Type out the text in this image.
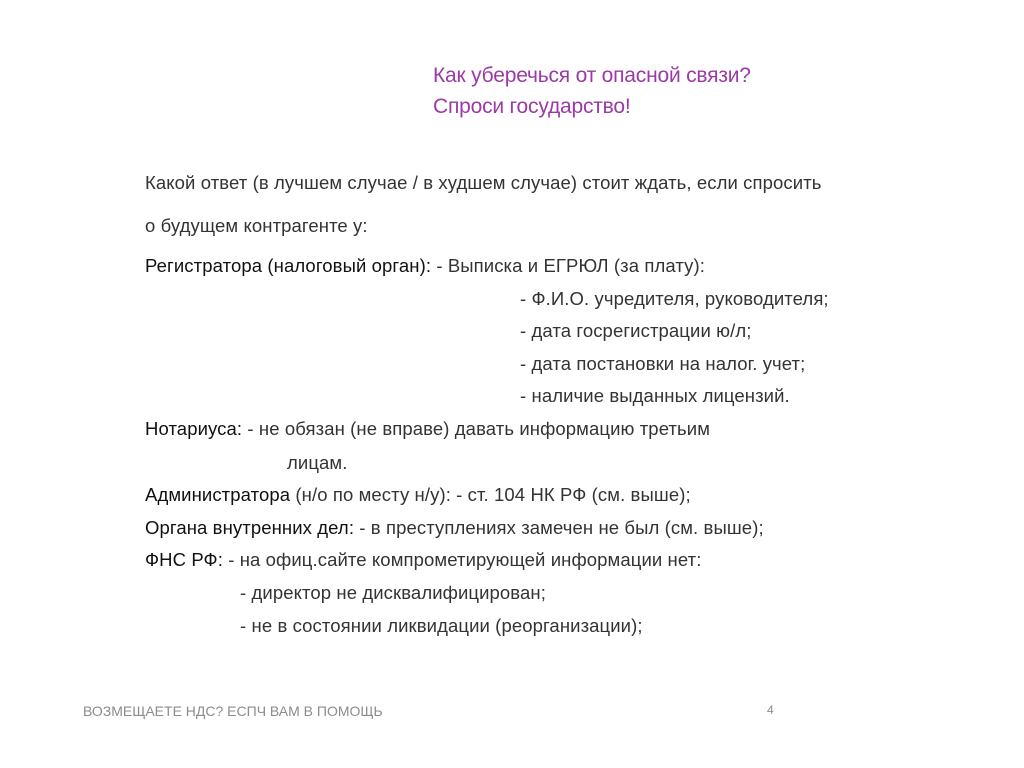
Как уберечься от опасной связи?
Спроси государство!
Какой ответ (в лучшем случае / в худшем случае) стоит ждать, если спросить
о будущем контрагенте у:
Регистратора (налоговый орган): - Выписка и ЕГРЮЛ (за плату):
- Ф.И.О. учредителя, руководителя;
- дата госрегистрации ю/л;
- дата постановки на налог. учет;
- наличие выданных лицензий.
Нотариуса: - не обязан (не вправе) давать информацию третьим
лицам.
Администратора (н/о по месту н/у): - ст. 104 НК РФ (см. выше);
Органа внутренних дел: - в преступлениях замечен не был (см. выше);
ФНС РФ: - на офиц.сайте компрометирующей информации нет:
- директор не дисквалифицирован;
- не в состоянии ликвидации (реорганизации);
ВОЗМЕЩАЕТЕ НДС? ЕСПЧ ВАМ В ПОМОЩЬ	4
